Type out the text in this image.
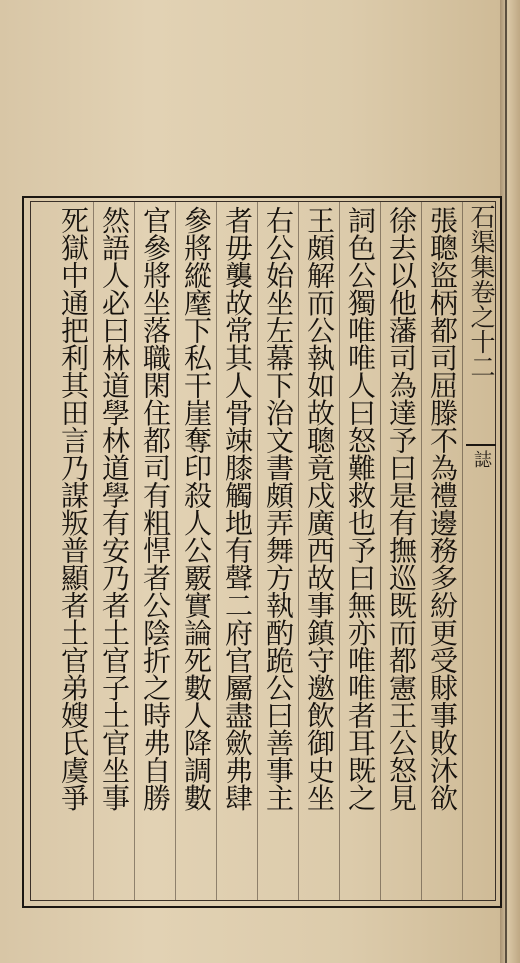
石渠集卷之十二
誌
張聰盜柄都司屈滕不為禮邊務多紛更受賕事敗沐欲
徐去以他藩司為達予曰是有撫巡既而都憲王公怒見
詞色公獨唯唯人曰怒難救也予曰無亦唯唯者耳既之
王頗解而公執如故聰竟戍廣西故事鎮守邀飲御史坐
右公始坐左幕下治文書頗弄舞方執酌跪公曰善事主
者毋襲故常其人骨竦膝觸地有聲二府官屬盡歛弗肆
參將縱麾下私干崖奪印殺人公覈實論死數人降調數
官參將坐落職閑住都司有粗悍者公陰折之時弗自勝
然語人必曰林道學林道學有安乃者土官子土官坐事
死獄中通把利其田言乃謀叛普顯者土官弟嫂氏虞爭
